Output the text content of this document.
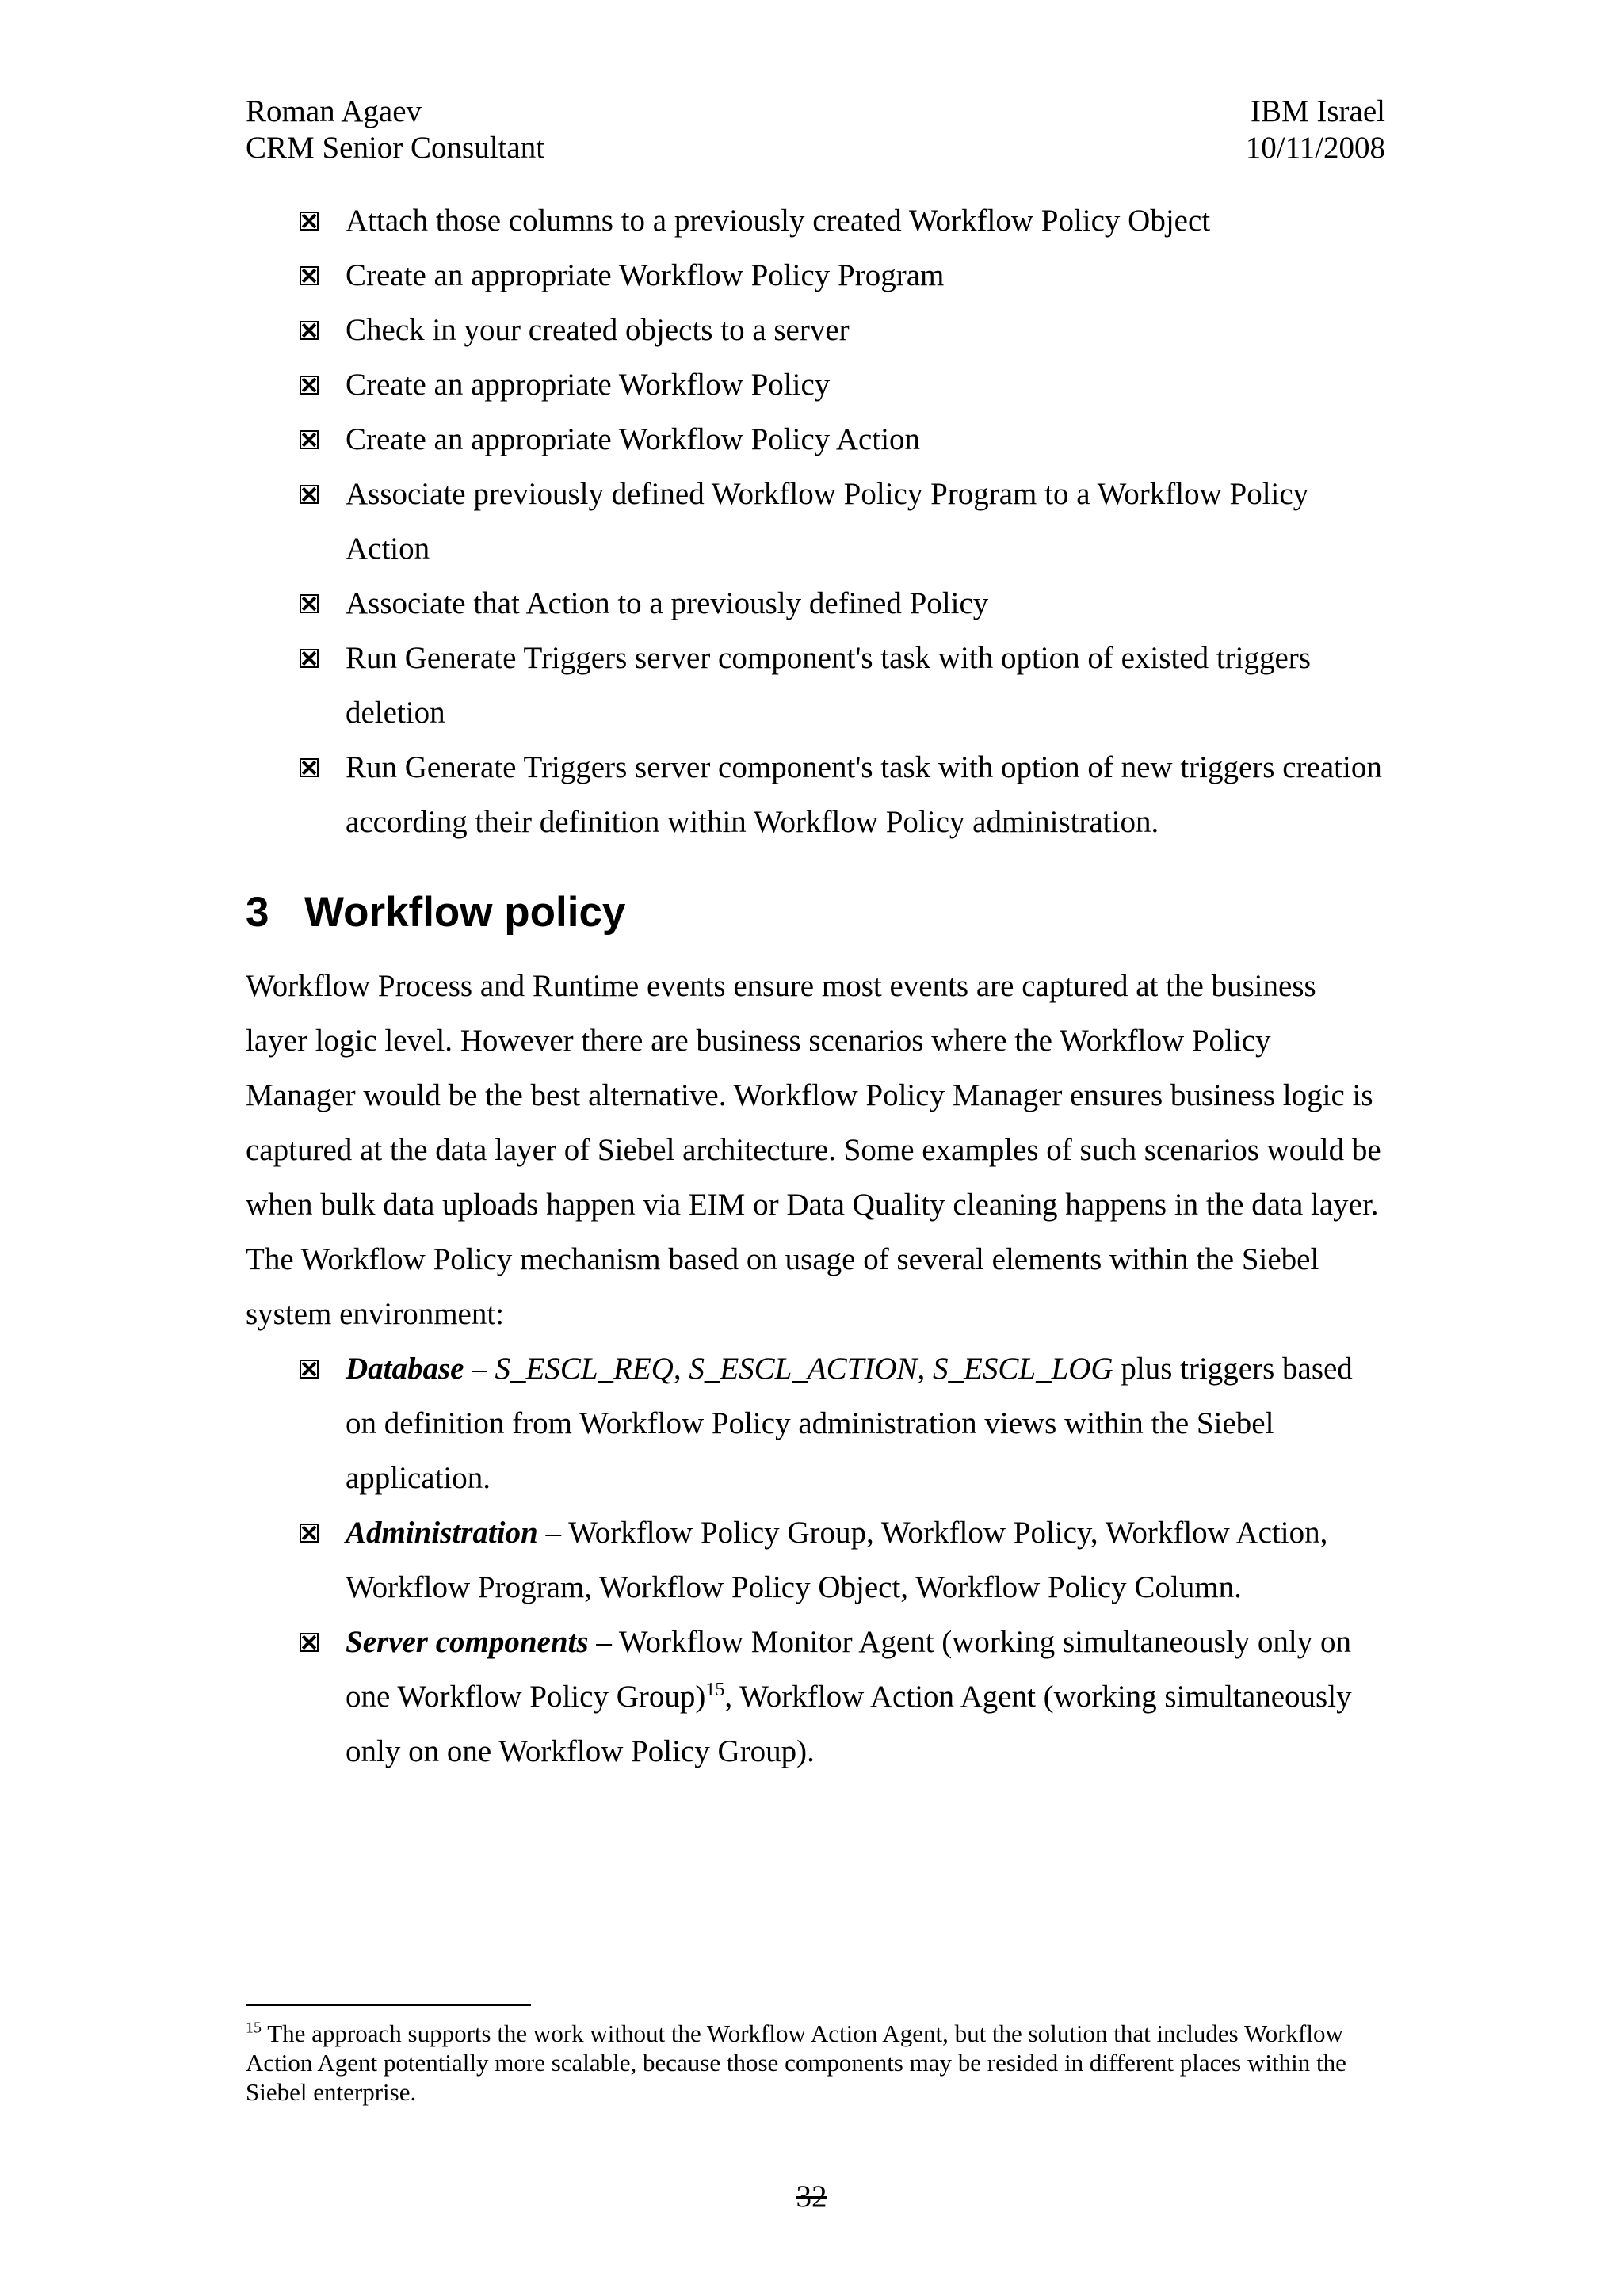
Roman Agaev	IBM Israel
CRM Senior Consultant	10/11/2008
Attach those columns to a previously created Workflow Policy Object
Create an appropriate Workflow Policy Program
Check in your created objects to a server
Create an appropriate Workflow Policy
Create an appropriate Workflow Policy Action
Associate previously defined Workflow Policy Program to a Workflow Policy Action
Associate that Action to a previously defined Policy
Run Generate Triggers server component's task with option of existed triggers deletion
Run Generate Triggers server component's task with option of new triggers creation according their definition within Workflow Policy administration.
3 Workflow policy

Workflow Process and Runtime events ensure most events are captured at the business layer logic level. However there are business scenarios where the Workflow Policy Manager would be the best alternative. Workflow Policy Manager ensures business logic is captured at the data layer of Siebel architecture. Some examples of such scenarios would be when bulk data uploads happen via EIM or Data Quality cleaning happens in the data layer.

The Workflow Policy mechanism based on usage of several elements within the Siebel system environment:

Database – S_ESCL_REQ, S_ESCL_ACTION, S_ESCL_LOG plus triggers based on definition from Workflow Policy administration views within the Siebel application.
Administration – Workflow Policy Group, Workflow Policy, Workflow Action, Workflow Program, Workflow Policy Object, Workflow Policy Column.
Server components – Workflow Monitor Agent (working simultaneously only on one Workflow Policy Group)$^{15}$, Workflow Action Agent (working simultaneously only on one Workflow Policy Group).
$^{15}$ The approach supports the work without the Workflow Action Agent, but the solution that includes Workflow Action Agent potentially more scalable, because those components may be resided in different places within the Siebel enterprise.
32
